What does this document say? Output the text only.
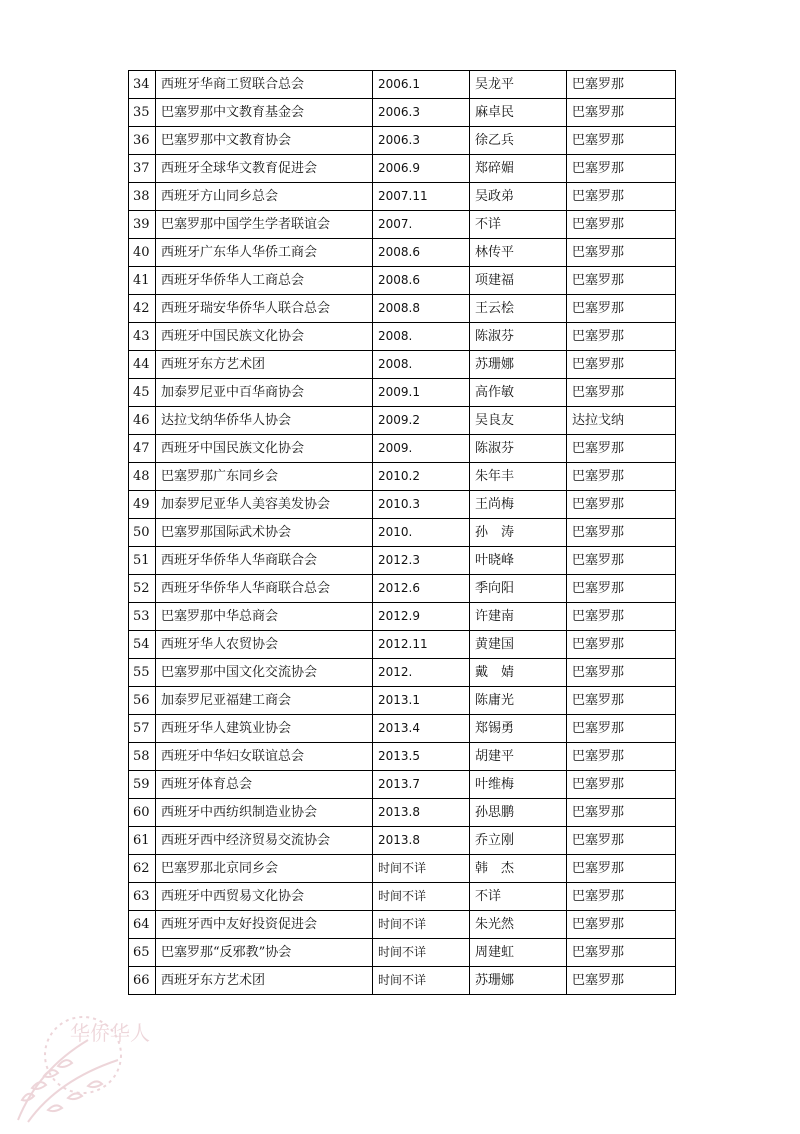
34	西班牙华商工贸联合总会	2006.1	吴龙平	巴塞罗那
35	巴塞罗那中文教育基金会	2006.3	麻卓民	巴塞罗那
36	巴塞罗那中文教育协会	2006.3	徐乙兵	巴塞罗那
37	西班牙全球华文教育促进会	2006.9	郑碎媚	巴塞罗那
38	西班牙方山同乡总会	2007.11	吴政弟	巴塞罗那
39	巴塞罗那中国学生学者联谊会	2007.	不详	巴塞罗那
40	西班牙广东华人华侨工商会	2008.6	林传平	巴塞罗那
41	西班牙华侨华人工商总会	2008.6	项建福	巴塞罗那
42	西班牙瑞安华侨华人联合总会	2008.8	王云桧	巴塞罗那
43	西班牙中国民族文化协会	2008.	陈淑芬	巴塞罗那
44	西班牙东方艺术团	2008.	苏珊娜	巴塞罗那
45	加泰罗尼亚中百华商协会	2009.1	高作敏	巴塞罗那
46	达拉戈纳华侨华人协会	2009.2	吴良友	达拉戈纳
47	西班牙中国民族文化协会	2009.	陈淑芬	巴塞罗那
48	巴塞罗那广东同乡会	2010.2	朱年丰	巴塞罗那
49	加泰罗尼亚华人美容美发协会	2010.3	王尚梅	巴塞罗那
50	巴塞罗那国际武术协会	2010.	孙　涛	巴塞罗那
51	西班牙华侨华人华商联合会	2012.3	叶晓峰	巴塞罗那
52	西班牙华侨华人华商联合总会	2012.6	季向阳	巴塞罗那
53	巴塞罗那中华总商会	2012.9	许建南	巴塞罗那
54	西班牙华人农贸协会	2012.11	黄建国	巴塞罗那
55	巴塞罗那中国文化交流协会	2012.	戴　婧	巴塞罗那
56	加泰罗尼亚福建工商会	2013.1	陈庸光	巴塞罗那
57	西班牙华人建筑业协会	2013.4	郑锡勇	巴塞罗那
58	西班牙中华妇女联谊总会	2013.5	胡建平	巴塞罗那
59	西班牙体育总会	2013.7	叶维梅	巴塞罗那
60	西班牙中西纺织制造业协会	2013.8	孙思鹏	巴塞罗那
61	西班牙西中经济贸易交流协会	2013.8	乔立刚	巴塞罗那
62	巴塞罗那北京同乡会	时间不详	韩　杰	巴塞罗那
63	西班牙中西贸易文化协会	时间不详	不详	巴塞罗那
64	西班牙西中友好投资促进会	时间不详	朱光然	巴塞罗那
65	巴塞罗那“反邪教”协会	时间不详	周建虹	巴塞罗那
66	西班牙东方艺术团	时间不详	苏珊娜	巴塞罗那
华侨华人
